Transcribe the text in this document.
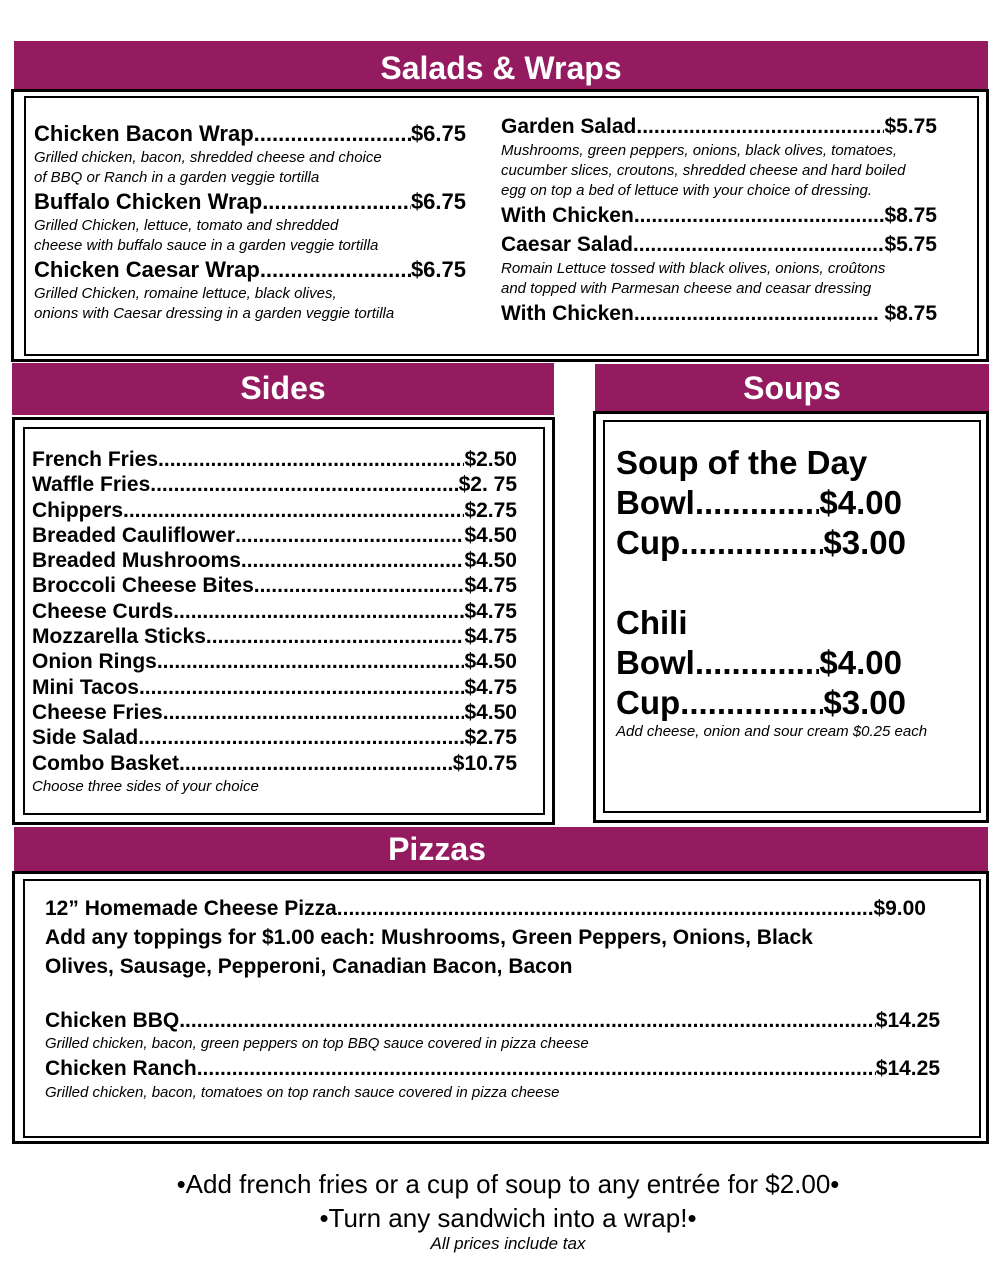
Salads & Wraps
Chicken Bacon Wrap .....	$6.75
Grilled chicken, bacon, shredded cheese and choice
of BBQ or Ranch in a garden veggie tortilla
Buffalo Chicken Wrap .....	$6.75
Grilled Chicken, lettuce, tomato and shredded
cheese with buffalo sauce in a garden veggie tortilla
Chicken Caesar Wrap .....	$6.75
Grilled Chicken, romaine lettuce, black olives,
onions with Caesar dressing in a garden veggie tortilla
Garden Salad .....	$5.75
Mushrooms, green peppers, onions, black olives, tomatoes,
cucumber slices, croutons, shredded cheese and hard boiled
egg on top a bed of lettuce with your choice of dressing.
With Chicken .....	$8.75
Caesar Salad .....	$5.75
Romain Lettuce tossed with black olives, onions, croûtons
and topped with Parmesan cheese and ceasar dressing
With Chicken .....	$8.75
Sides
French Fries .....	$2.50
Waffle Fries .....	$2. 75
Chippers .....	$2.75
Breaded Cauliflower .....	$4.50
Breaded Mushrooms .....	$4.50
Broccoli Cheese Bites .....	$4.75
Cheese Curds .....	$4.75
Mozzarella Sticks .....	$4.75
Onion Rings .....	$4.50
Mini Tacos .....	$4.75
Cheese Fries .....	$4.50
Side Salad .....	$2.75
Combo Basket .....	$10.75
Choose three sides of your choice
Soups
Soup of the Day
Bowl .....	$4.00
Cup .....	$3.00
Chili
Bowl .....	$4.00
Cup .....	$3.00
Add cheese, onion and sour cream $0.25 each
Pizzas
12” Homemade Cheese Pizza .....	$9.00
Add any toppings for $1.00 each: Mushrooms, Green Peppers, Onions, Black
Olives, Sausage, Pepperoni, Canadian Bacon, Bacon
Chicken BBQ .....	$14.25
Grilled chicken, bacon, green peppers on top BBQ sauce covered in pizza cheese
Chicken Ranch .....	$14.25
Grilled chicken, bacon, tomatoes on top ranch sauce covered in pizza cheese
•Add french fries or a cup of soup to any entrée for $2.00•
•Turn any sandwich into a wrap!•
All prices include tax
